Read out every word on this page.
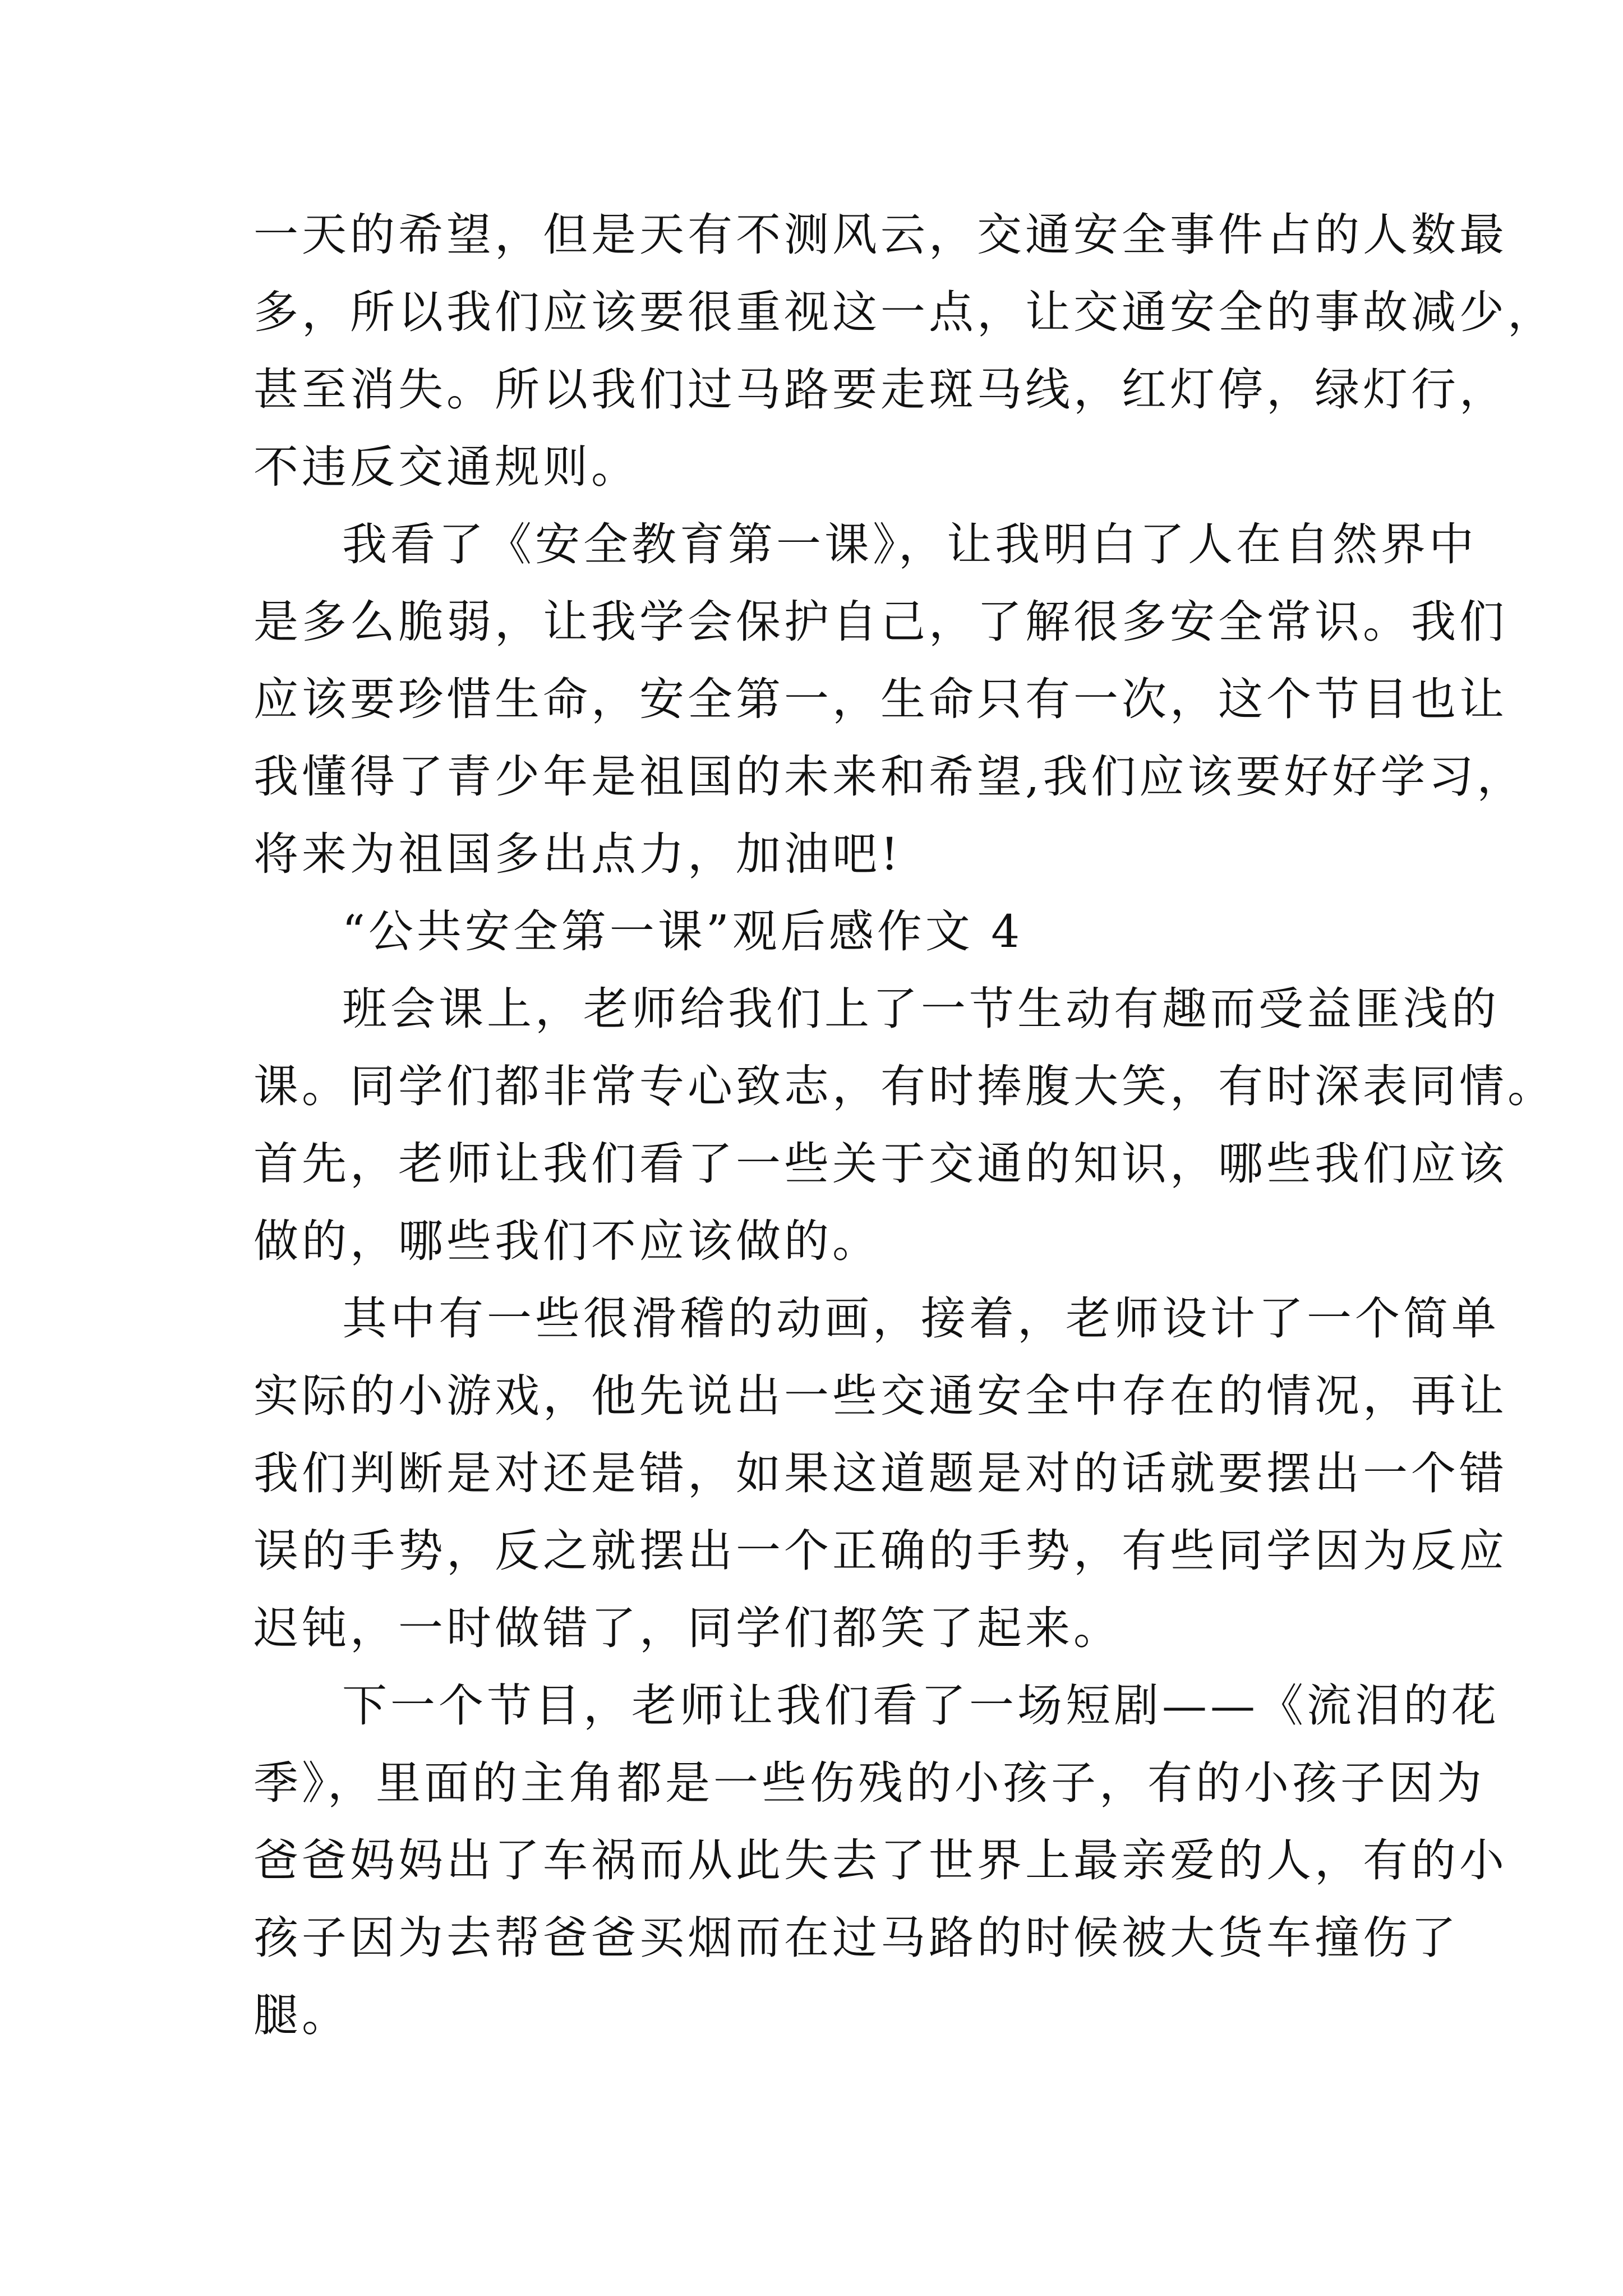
一天的希望，但是天有不测风云，交通安全事件占的人数最
多，所以我们应该要很重视这一点，让交通安全的事故减少，
甚至消失。所以我们过马路要走斑马线，红灯停，绿灯行，
不违反交通规则。
我看了《安全教育第一课》，让我明白了人在自然界中
是多么脆弱，让我学会保护自己，了解很多安全常识。我们
应该要珍惜生命，安全第一，生命只有一次，这个节目也让
我懂得了青少年是祖国的未来和希望,我们应该要好好学习，
将来为祖国多出点力，加油吧!
“公共安全第一课”观后感作文 4
班会课上，老师给我们上了一节生动有趣而受益匪浅的
课。同学们都非常专心致志，有时捧腹大笑，有时深表同情。
首先，老师让我们看了一些关于交通的知识，哪些我们应该
做的，哪些我们不应该做的。
其中有一些很滑稽的动画，接着，老师设计了一个简单
实际的小游戏，他先说出一些交通安全中存在的情况，再让
我们判断是对还是错，如果这道题是对的话就要摆出一个错
误的手势，反之就摆出一个正确的手势，有些同学因为反应
迟钝，一时做错了，同学们都笑了起来。
下一个节目，老师让我们看了一场短剧——《流泪的花
季》，里面的主角都是一些伤残的小孩子，有的小孩子因为
爸爸妈妈出了车祸而从此失去了世界上最亲爱的人，有的小
孩子因为去帮爸爸买烟而在过马路的时候被大货车撞伤了
腿。
